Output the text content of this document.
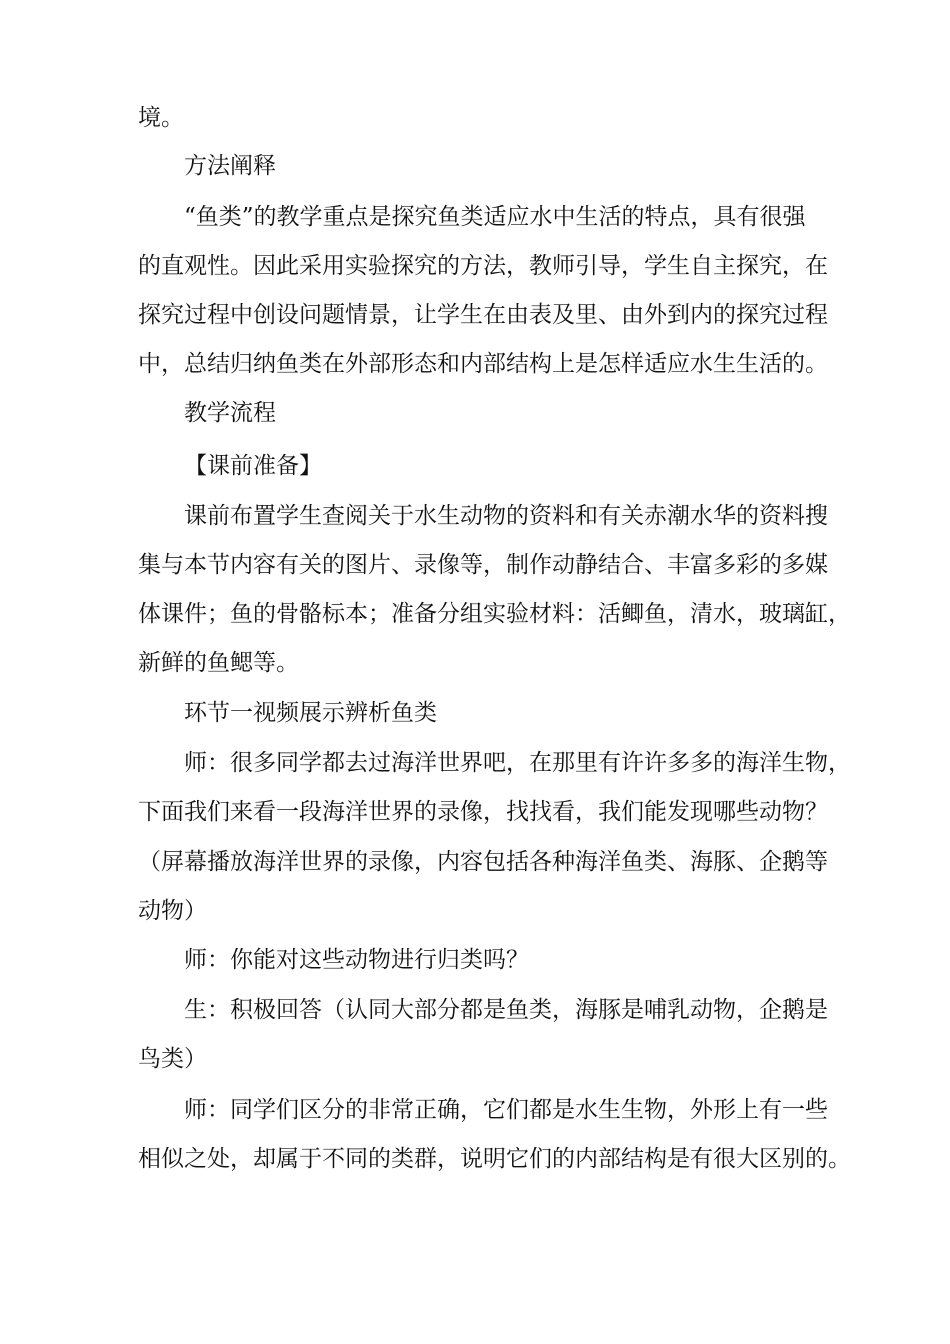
境。
方法阐释
“鱼类”的教学重点是探究鱼类适应水中生活的特点，具有很强
的直观性。因此采用实验探究的方法，教师引导，学生自主探究，在
探究过程中创设问题情景，让学生在由表及里、由外到内的探究过程
中，总结归纳鱼类在外部形态和内部结构上是怎样适应水生生活的。
教学流程
【课前准备】
课前布置学生查阅关于水生动物的资料和有关赤潮水华的资料搜
集与本节内容有关的图片、录像等，制作动静结合、丰富多彩的多媒
体课件；鱼的骨骼标本；准备分组实验材料：活鲫鱼，清水，玻璃缸，
新鲜的鱼鳃等。
环节一视频展示辨析鱼类
师：很多同学都去过海洋世界吧，在那里有许许多多的海洋生物，
下面我们来看一段海洋世界的录像，找找看，我们能发现哪些动物？
（屏幕播放海洋世界的录像，内容包括各种海洋鱼类、海豚、企鹅等
动物）
师：你能对这些动物进行归类吗？
生：积极回答（认同大部分都是鱼类，海豚是哺乳动物，企鹅是
鸟类）
师：同学们区分的非常正确，它们都是水生生物，外形上有一些
相似之处，却属于不同的类群，说明它们的内部结构是有很大区别的。
